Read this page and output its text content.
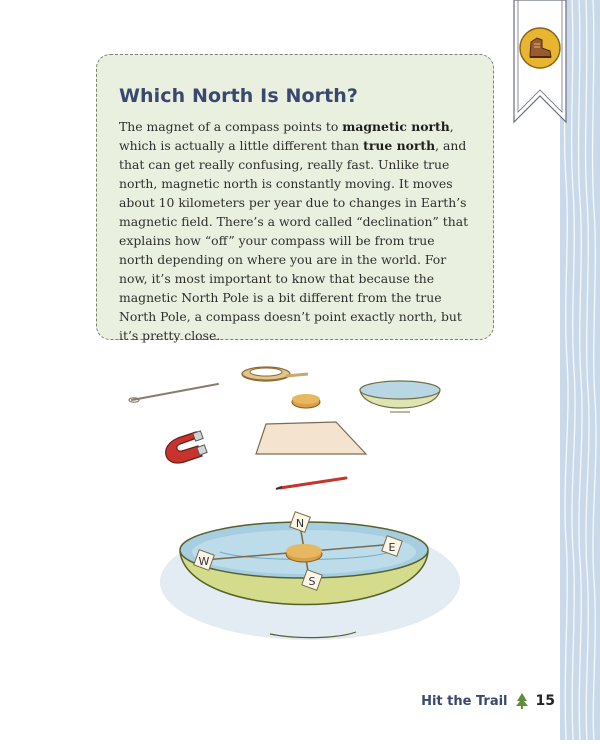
Which North Is North?

The magnet of a compass points to magnetic north, which is actually a little different than true north, and that can get really confusing, really fast. Unlike true north, magnetic north is constantly moving. It moves about 10 kilometers per year due to changes in Earth’s magnetic field. There’s a word called “declination” that explains how “off” your compass will be from true north depending on where you are in the world. For now, it’s most important to know that because the magnetic North Pole is a bit different from the true North Pole, a compass doesn’t point exactly north, but it’s pretty close.

N
S
E
W
Hit the Trail 15
